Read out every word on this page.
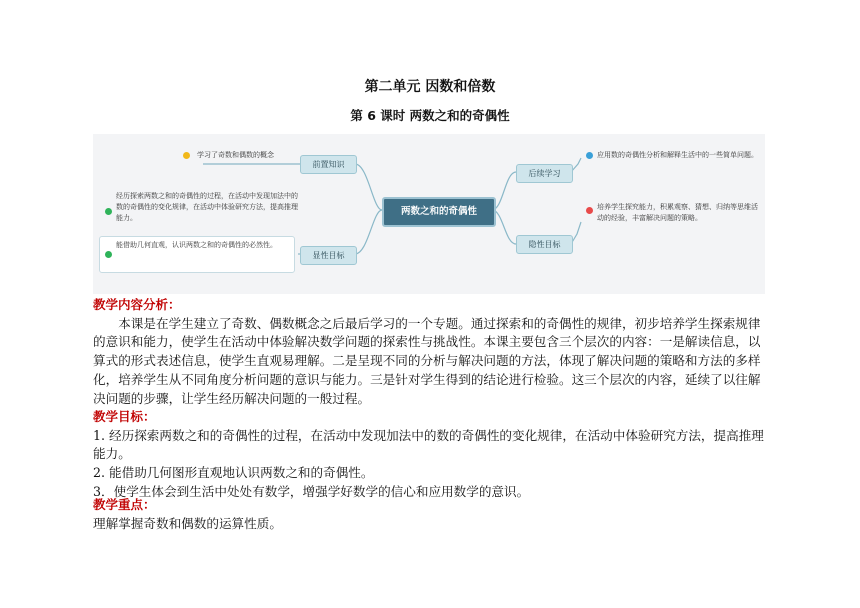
第二单元 因数和倍数
第 6 课时 两数之和的奇偶性
前置知识
后续学习
显性目标
隐性目标
两数之和的奇偶性
学习了奇数和偶数的概念
经历探索两数之和的奇偶性的过程，在活动中发现加法中的数的奇偶性的变化规律，在活动中体验研究方法，提高推理能力。
能借助几何直观，认识两数之和的奇偶性的必然性。
应用数的奇偶性分析和解释生活中的一些简单问题。
培养学生探究能力，积累观察、猜想、归纳等思维活动的经验，丰富解决问题的策略。

教学内容分析：

本课是在学生建立了奇数、偶数概念之后最后学习的一个专题。通过探索和的奇偶性的规律，初步培养学生探索规律的意识和能力，使学生在活动中体验解决数学问题的探索性与挑战性。本课主要包含三个层次的内容：一是解读信息，以算式的形式表述信息，使学生直观易理解。二是呈现不同的分析与解决问题的方法，体现了解决问题的策略和方法的多样化，培养学生从不同角度分析问题的意识与能力。三是针对学生得到的结论进行检验。这三个层次的内容，延续了以往解决问题的步骤，让学生经历解决问题的一般过程。

教学目标：

1. 经历探索两数之和的奇偶性的过程，在活动中发现加法中的数的奇偶性的变化规律，在活动中体验研究方法，提高推理能力。

2. 能借助几何图形直观地认识两数之和的奇偶性。

3．使学生体会到生活中处处有数学，增强学好数学的信心和应用数学的意识。

教学重点：

理解掌握奇数和偶数的运算性质。
